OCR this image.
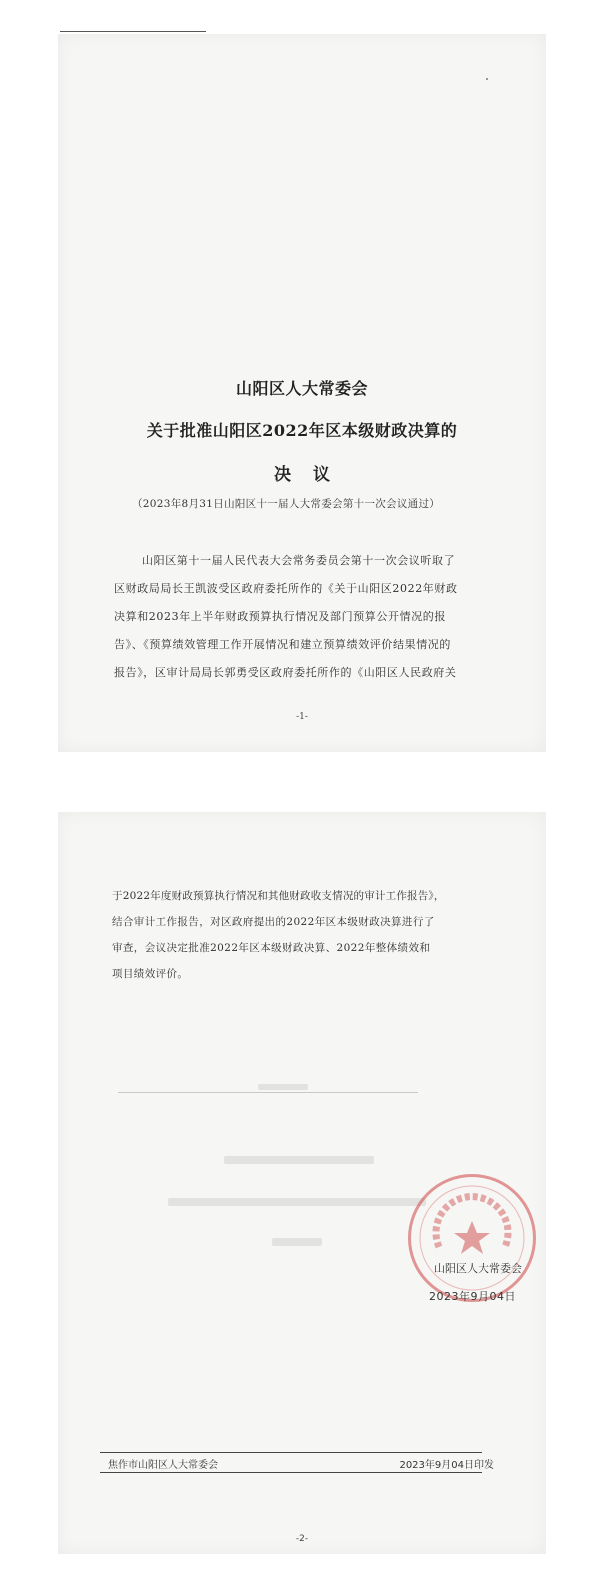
山阳区人大常委会
关于批准山阳区2022年区本级财政决算的
决议
（2023年8月31日山阳区十一届人大常委会第十一次会议通过）
山阳区第十一届人民代表大会常务委员会第十一次会议听取了
区财政局局长王凯波受区政府委托所作的《关于山阳区2022年财政
决算和2023年上半年财政预算执行情况及部门预算公开情况的报
告》、《预算绩效管理工作开展情况和建立预算绩效评价结果情况的
报告》，区审计局局长郭勇受区政府委托所作的《山阳区人民政府关
-1-
于2022年度财政预算执行情况和其他财政收支情况的审计工作报告》，
结合审计工作报告，对区政府提出的2022年区本级财政决算进行了
审查，会议决定批准2022年区本级财政决算、2022年整体绩效和
项目绩效评价。
山阳区人大常委会
2023年9月04日
焦作市山阳区人大常委会	2023年9月04日印发
-2-
